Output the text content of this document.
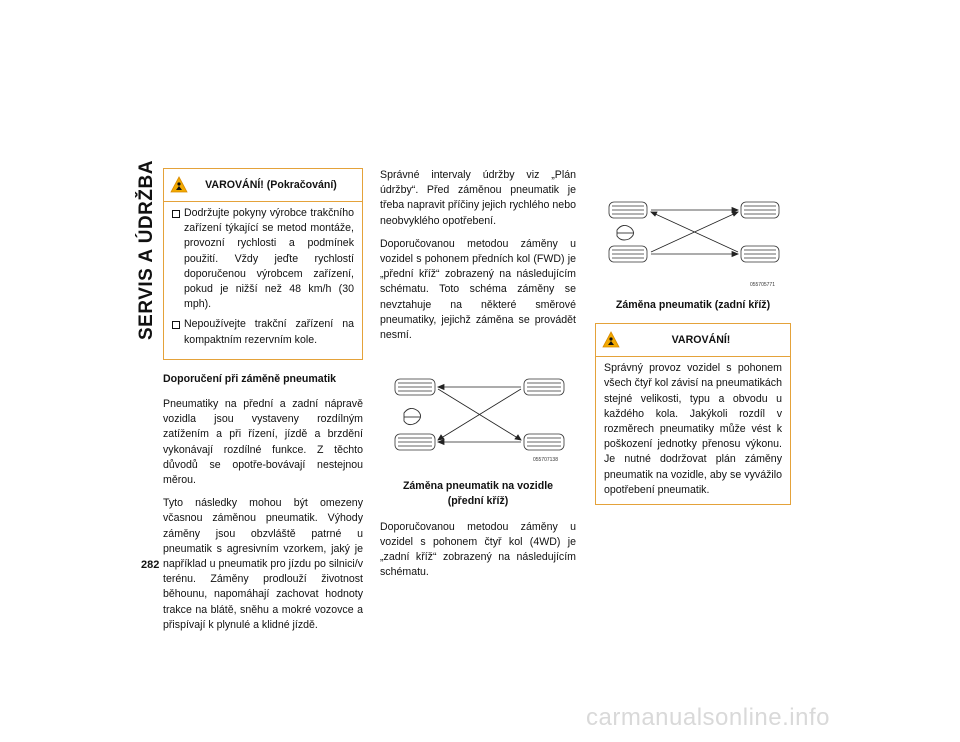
SERVIS A ÚDRŽBA
282
VAROVÁNÍ! (Pokračování)
Dodržujte pokyny výrobce trakčního zařízení týkající se metod montáže, provozní rychlosti a podmínek použití. Vždy jeďte rychlostí doporučenou výrobcem zařízení, pokud je nižší než 48 km/h (30 mph).
Nepoužívejte trakční zařízení na kompaktním rezervním kole.
Doporučení při záměně pneumatik

Pneumatiky na přední a zadní nápravě vozidla jsou vystaveny rozdílným zatížením a při řízení, jízdě a brzdění vykonávají rozdílné funkce. Z těchto důvodů se opotře-bovávají nestejnou měrou.

Tyto následky mohou být omezeny včasnou záměnou pneumatik. Výhody záměny jsou obzvláště patrné u pneumatik s agresivním vzorkem, jaký je například u pneumatik pro jízdu po silnici/v terénu. Záměny prodlouží životnost běhounu, napomáhají zachovat hodnoty trakce na blátě, sněhu a mokré vozovce a přispívají k plynulé a klidné jízdě.

Správné intervaly údržby viz „Plán údržby“. Před záměnou pneumatik je třeba napravit příčiny jejich rychlého nebo neobvyklého opotřebení.

Doporučovanou metodou záměny u vozidel s pohonem předních kol (FWD) je „přední kříž“ zobrazený na následujícím schématu. Toto schéma záměny se nevztahuje na některé směrové pneumatiky, jejichž záměna se provádět nesmí.

055707138
Záměna pneumatik na vozidle
(přední kříž)

Doporučovanou metodou záměny u vozidel s pohonem čtyř kol (4WD) je „zadní kříž“ zobrazený na následujícím schématu.

055705771
Záměna pneumatik (zadní kříž)
VAROVÁNÍ!

Správný provoz vozidel s pohonem všech čtyř kol závisí na pneumatikách stejné velikosti, typu a obvodu u každého kola. Jakýkoli rozdíl v rozměrech pneumatiky může vést k poškození jednotky přenosu výkonu. Je nutné dodržovat plán záměny pneumatik na vozidle, aby se vyvážilo opotřebení pneumatik.

carmanualsonline.info
